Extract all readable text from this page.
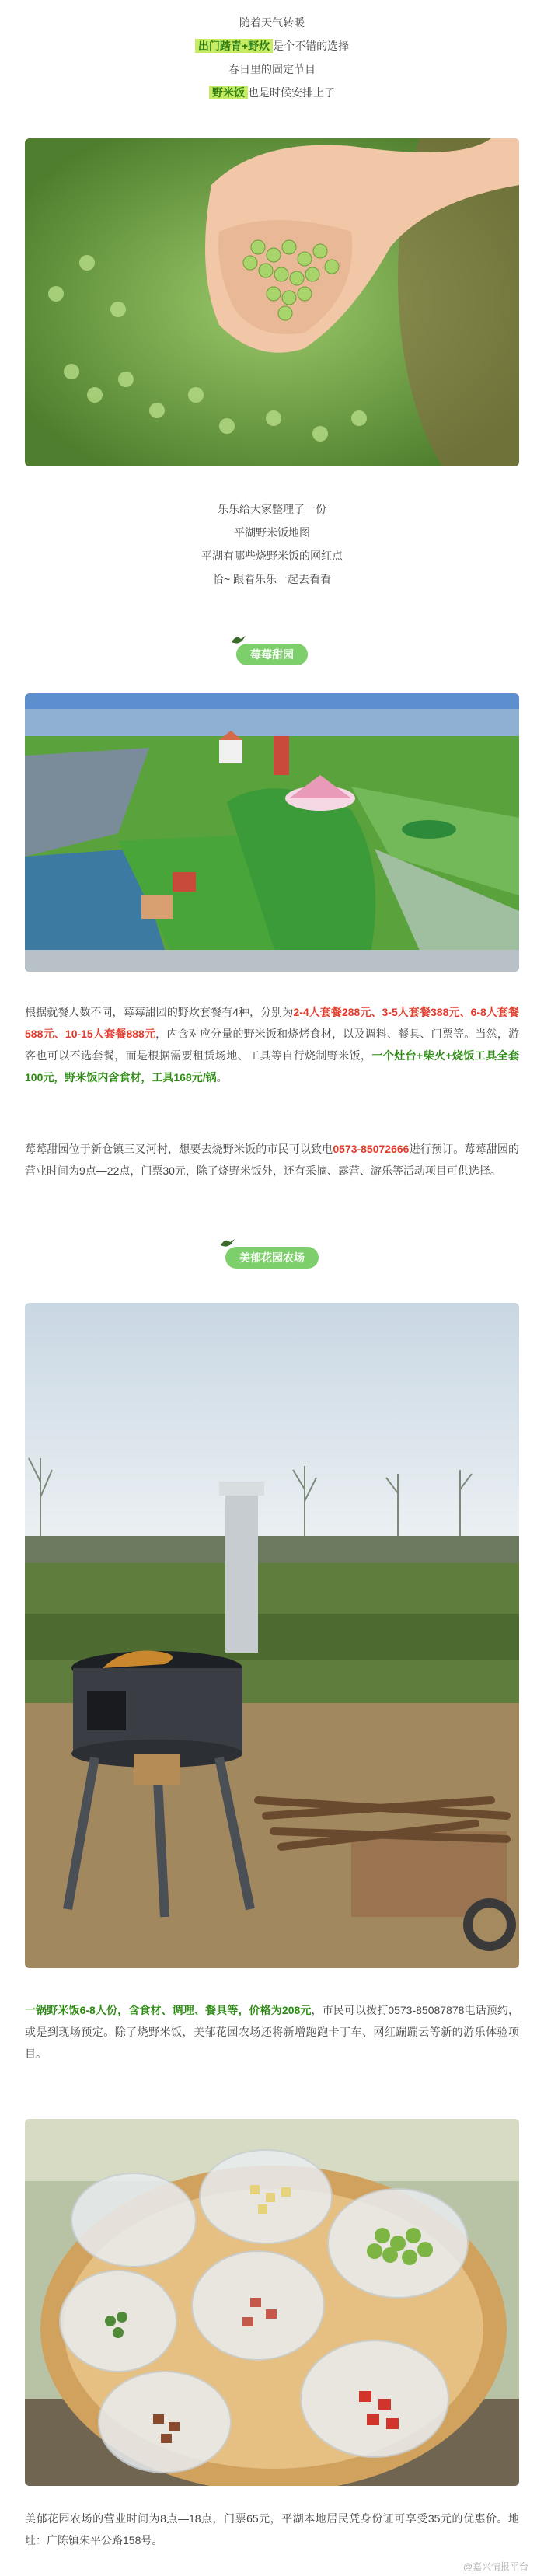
随着天气转暖
出门踏青+野炊 是个不错的选择
春日里的固定节目
野米饭 也是时候安排上了
乐乐给大家整理了一份
平湖野米饭地图
平湖有哪些烧野米饭的网红点
恰~ 跟着乐乐一起去看看
莓莓甜园
根据就餐人数不同，莓莓甜园的野炊套餐有4种，分别为2-4人套餐288元、3-5人套餐388元、6-8人套餐588元、10-15人套餐888元，内含对应分量的野米饭和烧烤食材，以及调料、餐具、门票等。当然，游客也可以不选套餐，而是根据需要租赁场地、工具等自行烧制野米饭，一个灶台+柴火+烧饭工具全套100元，野米饭内含食材，工具168元/锅。
莓莓甜园位于新仓镇三叉河村，想要去烧野米饭的市民可以致电0573-85072666进行预订。莓莓甜园的营业时间为9点—22点，门票30元，除了烧野米饭外，还有采摘、露营、游乐等活动项目可供选择。
美郁花园农场
一锅野米饭6-8人份，含食材、调理、餐具等，价格为208元，市民可以拨打0573-85087878电话预约，或是到现场预定。除了烧野米饭，美郁花园农场还将新增跑跑卡丁车、网红蹦蹦云等新的游乐体验项目。
美郁花园农场的营业时间为8点—18点，门票65元，平湖本地居民凭身份证可享受35元的优惠价。地址：广陈镇朱平公路158号。
@嘉兴情报平台
